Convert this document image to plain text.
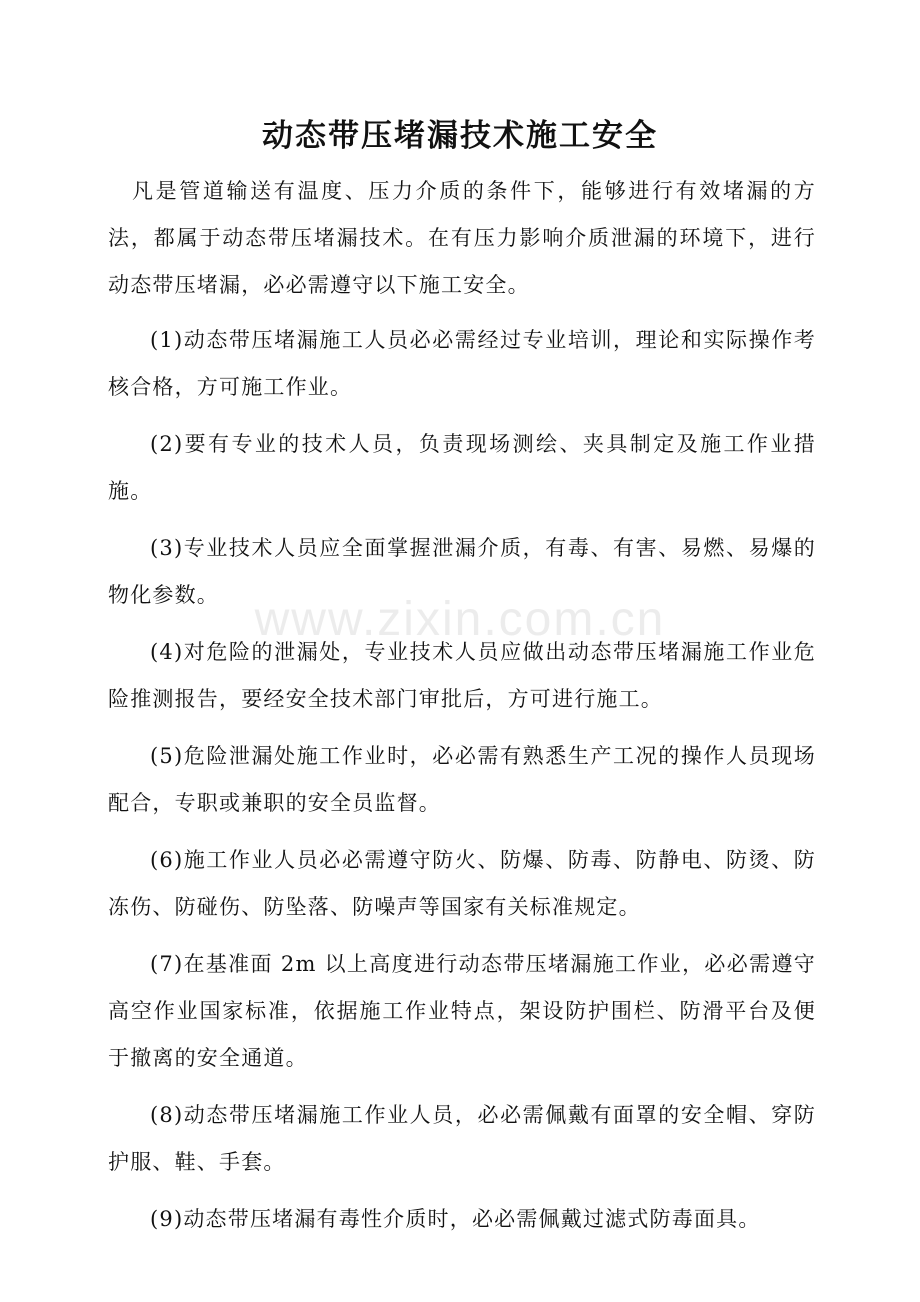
动态带压堵漏技术施工安全

凡是管道输送有温度、压力介质的条件下，能够进行有效堵漏的方法，都属于动态带压堵漏技术。在有压力影响介质泄漏的环境下，进行动态带压堵漏，必必需遵守以下施工安全。

(1)动态带压堵漏施工人员必必需经过专业培训，理论和实际操作考核合格，方可施工作业。

(2)要有专业的技术人员，负责现场测绘、夹具制定及施工作业措施。

(3)专业技术人员应全面掌握泄漏介质，有毒、有害、易燃、易爆的物化参数。

(4)对危险的泄漏处，专业技术人员应做出动态带压堵漏施工作业危险推测报告，要经安全技术部门审批后，方可进行施工。

(5)危险泄漏处施工作业时，必必需有熟悉生产工况的操作人员现场配合，专职或兼职的安全员监督。

(6)施工作业人员必必需遵守防火、防爆、防毒、防静电、防烫、防冻伤、防碰伤、防坠落、防噪声等国家有关标准规定。

(7)在基准面 2m 以上高度进行动态带压堵漏施工作业，必必需遵守高空作业国家标准，依据施工作业特点，架设防护围栏、防滑平台及便于撤离的安全通道。

(8)动态带压堵漏施工作业人员，必必需佩戴有面罩的安全帽、穿防护服、鞋、手套。

(9)动态带压堵漏有毒性介质时，必必需佩戴过滤式防毒面具。

www.zixin.com.cn
